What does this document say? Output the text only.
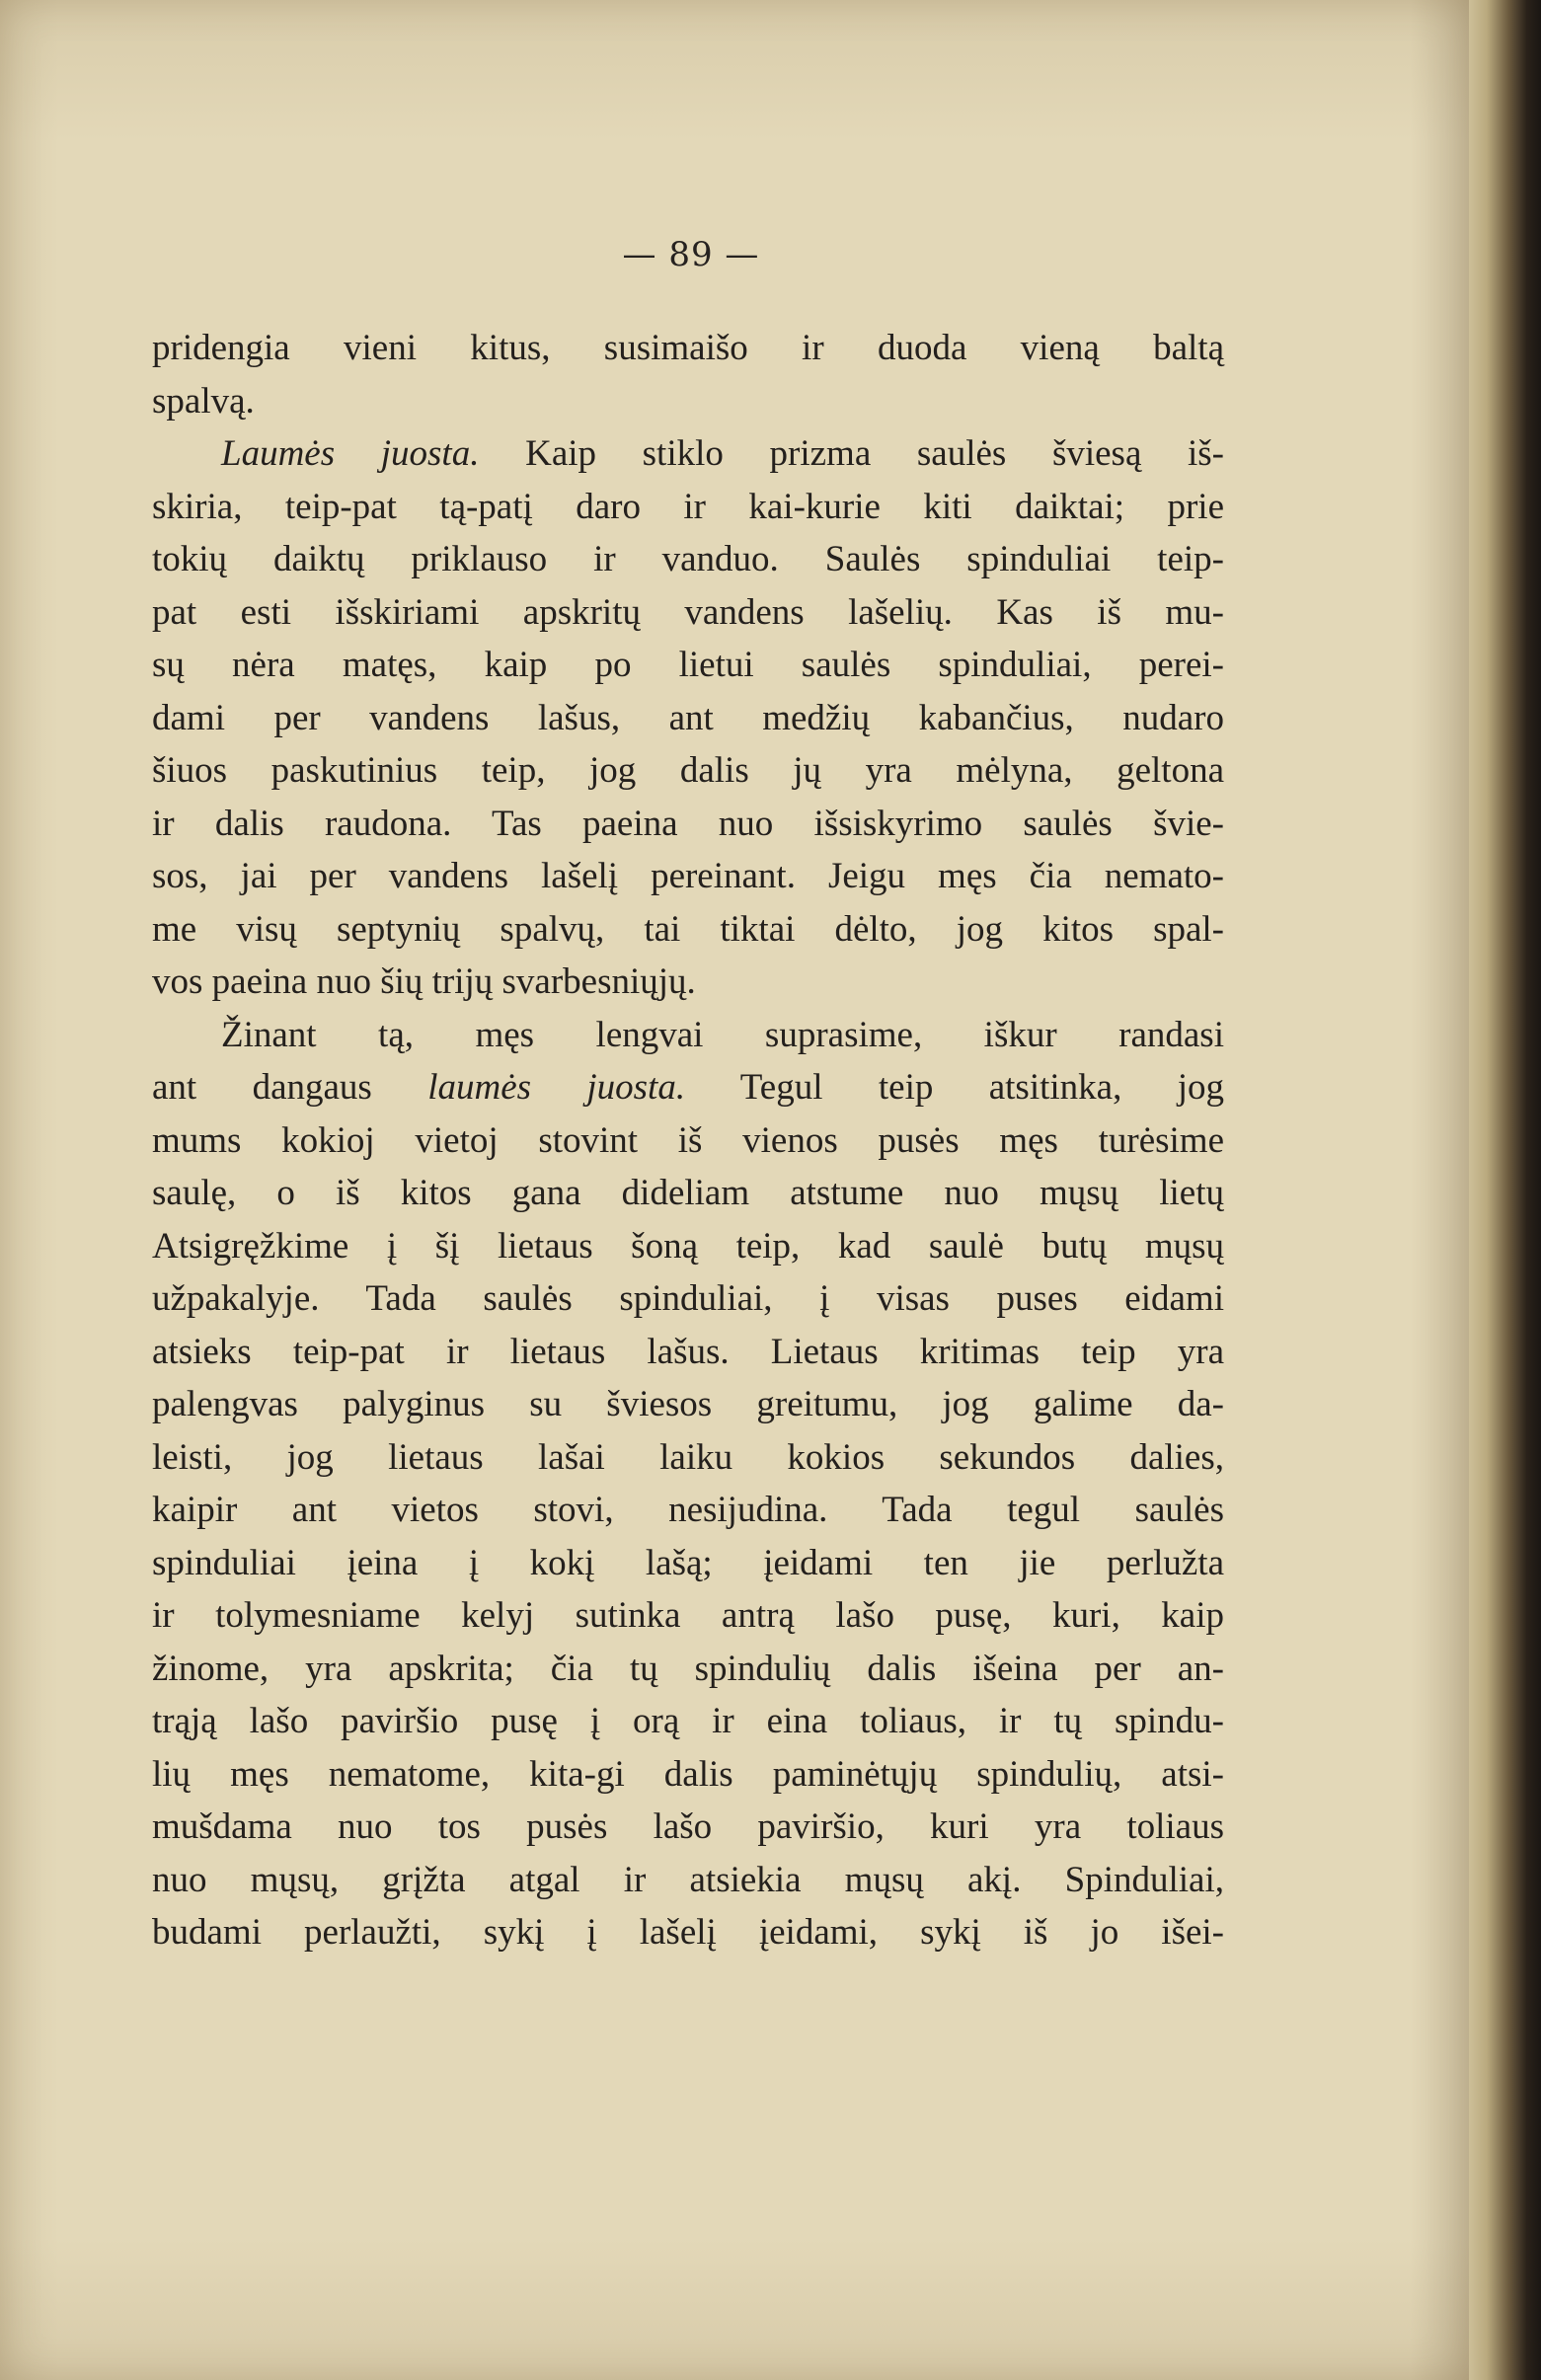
— 89 —
pridengia vieni kitus, susimaišo ir duoda vieną baltą
spalvą.
Laumės juosta. Kaip stiklo prizma saulės šviesą iš-
skiria, teip-pat tą-patį daro ir kai-kurie kiti daiktai; prie
tokių daiktų priklauso ir vanduo. Saulės spinduliai teip-
pat esti išskiriami apskritų vandens lašelių. Kas iš mu-
sų nėra matęs, kaip po lietui saulės spinduliai, perei-
dami per vandens lašus, ant medžių kabančius, nudaro
šiuos paskutinius teip, jog dalis jų yra mėlyna, geltona
ir dalis raudona. Tas paeina nuo išsiskyrimo saulės švie-
sos, jai per vandens lašelį pereinant. Jeigu męs čia nemato-
me visų septynių spalvų, tai tiktai dėlto, jog kitos spal-
vos paeina nuo šių trijų svarbesniųjų.
Žinant tą, męs lengvai suprasime, iškur randasi
ant dangaus laumės juosta. Tegul teip atsitinka, jog
mums kokioj vietoj stovint iš vienos pusės męs turėsime
saulę, o iš kitos gana dideliam atstume nuo mųsų lietų
Atsigręžkime į šį lietaus šoną teip, kad saulė butų mųsų
užpakalyje. Tada saulės spinduliai, į visas puses eidami
atsieks teip-pat ir lietaus lašus. Lietaus kritimas teip yra
palengvas palyginus su šviesos greitumu, jog galime da-
leisti, jog lietaus lašai laiku kokios sekundos dalies,
kaipir ant vietos stovi, nesijudina. Tada tegul saulės
spinduliai įeina į kokį lašą; įeidami ten jie perlužta
ir tolymesniame kelyj sutinka antrą lašo pusę, kuri, kaip
žinome, yra apskrita; čia tų spindulių dalis išeina per an-
trąją lašo paviršio pusę į orą ir eina toliaus, ir tų spindu-
lių męs nematome, kita-gi dalis paminėtųjų spindulių, atsi-
mušdama nuo tos pusės lašo paviršio, kuri yra toliaus
nuo mųsų, grįžta atgal ir atsiekia mųsų akį. Spinduliai,
budami perlaužti, sykį į lašelį įeidami, sykį iš jo išei-
